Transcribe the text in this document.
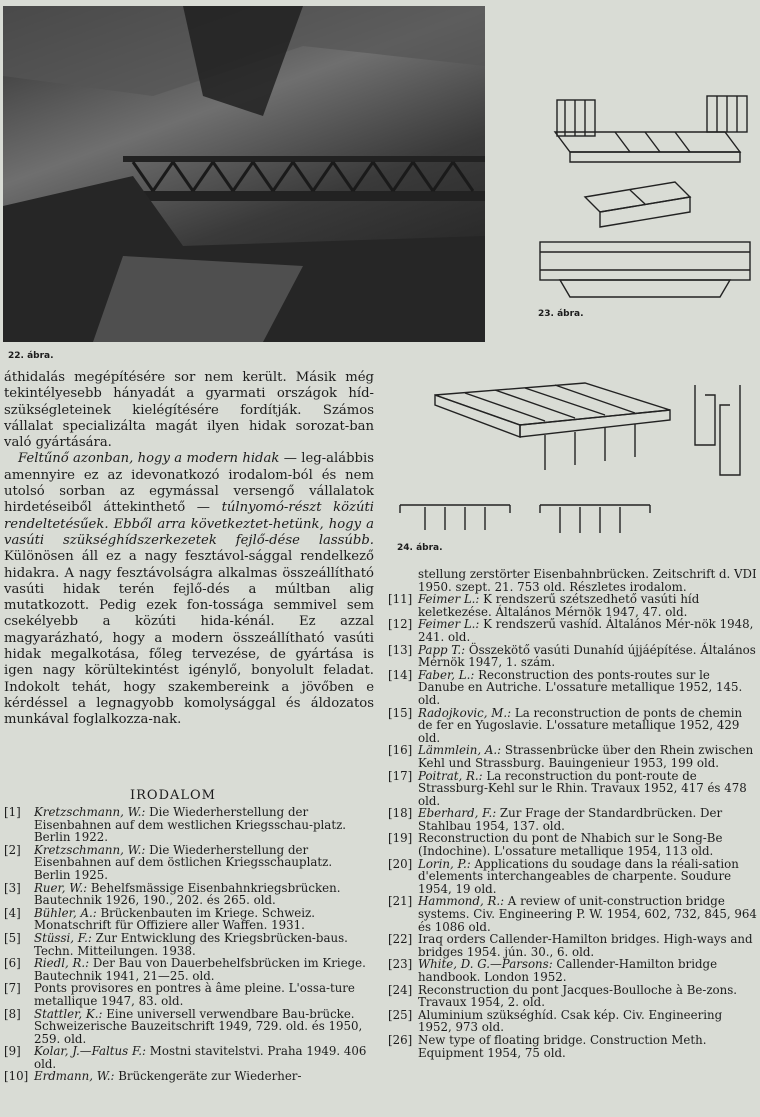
22. ábra.
23. ábra.
24. ábra.

áthidalás megépítésére sor nem került. Másik még tekintélyesebb hányadát a gyarmati országok híd-szükségleteinek kielégítésére fordítják. Számos vállalat specializálta magát ilyen hidak sorozat-ban való gyártására.

Feltűnő azonban, hogy a modern hidak — leg-alábbis amennyire ez az idevonatkozó irodalom-ból és nem utolsó sorban az egymással versengő vállalatok hirdetéseiből áttekinthető — túlnyomó-részt közúti rendeltetésűek. Ebből arra következtet-hetünk, hogy a vasúti szükséghídszerkezetek fejlő-dése lassúbb. Különösen áll ez a nagy fesztávol-sággal rendelkező hidakra. A nagy fesztávolságra alkalmas összeállítható vasúti hidak terén fejlő-dés a múltban alig mutatkozott. Pedig ezek fon-tossága semmivel sem csekélyebb a közúti hida-kénál. Ez azzal magyarázható, hogy a modern összeállítható vasúti hidak megalkotása, főleg tervezése, de gyártása is igen nagy körültekintést igénylő, bonyolult feladat. Indokolt tehát, hogy szakembereink a jövőben e kérdéssel a legnagyobb komolysággal és áldozatos munkával foglalkozza-nak.

IRODALOM

[1] Kretzschmann, W.: Die Wiederherstellung der Eisenbahnen auf dem westlichen Kriegsschau-platz. Berlin 1922.

[2] Kretzschmann, W.: Die Wiederherstellung der Eisenbahnen auf dem östlichen Kriegsschauplatz. Berlin 1925.

[3] Ruer, W.: Behelfsmässige Eisenbahnkriegsbrücken. Bautechnik 1926, 190., 202. és 265. old.

[4] Bühler, A.: Brückenbauten im Kriege. Schweiz. Monatschrift für Offiziere aller Waffen. 1931.

[5] Stüssi, F.: Zur Entwicklung des Kriegsbrücken-baus. Techn. Mitteilungen. 1938.

[6] Riedl, R.: Der Bau von Dauerbehelfsbrücken im Kriege. Bautechnik 1941, 21—25. old.

[7] Ponts provisores en pontres à âme pleine. L'ossa-ture metallique 1947, 83. old.

[8] Stattler, K.: Eine universell verwendbare Bau-brücke. Schweizerische Bauzeitschrift 1949, 729. old. és 1950, 259. old.

[9] Kolar, J.—Faltus F.: Mostni stavitelstvi. Praha 1949. 406 old.

[10] Erdmann, W.: Brückengeräte zur Wiederher-

stellung zerstörter Eisenbahnbrücken. Zeitschrift d. VDI 1950. szept. 21. 753 old. Részletes irodalom.

[11] Feimer L.: K rendszerű szétszedhető vasúti híd keletkezése. Általános Mérnök 1947, 47. old.

[12] Feimer L.: K rendszerű vashíd. Általános Mér-nök 1948, 241. old.

[13] Papp T.: Összekötő vasúti Dunahíd újjáépítése. Általános Mérnök 1947, 1. szám.

[14] Faber, L.: Reconstruction des ponts-routes sur le Danube en Autriche. L'ossature metallique 1952, 145. old.

[15] Radojkovic, M.: La reconstruction de ponts de chemin de fer en Yugoslavie. L'ossature metallique 1952, 429 old.

[16] Lämmlein, A.: Strassenbrücke über den Rhein zwischen Kehl und Strassburg. Bauingenieur 1953, 199 old.

[17] Poitrat, R.: La reconstruction du pont-route de Strassburg-Kehl sur le Rhin. Travaux 1952, 417 és 478 old.

[18] Eberhard, F.: Zur Frage der Standardbrücken. Der Stahlbau 1954, 137. old.

[19] Reconstruction du pont de Nhabich sur le Song-Be (Indochine). L'ossature metallique 1954, 113 old.

[20] Lorin, P.: Applications du soudage dans la réali-sation d'elements interchangeables de charpente. Soudure 1954, 19 old.

[21] Hammond, R.: A review of unit-construction bridge systems. Civ. Engineering P. W. 1954, 602, 732, 845, 964 és 1086 old.

[22] Iraq orders Callender-Hamilton bridges. High-ways and bridges 1954. jún. 30., 6. old.

[23] White, D. G.—Parsons: Callender-Hamilton bridge handbook. London 1952.

[24] Reconstruction du pont Jacques-Boulloche à Be-zons. Travaux 1954, 2. old.

[25] Aluminium szükséghíd. Csak kép. Civ. Engineering 1952, 973 old.

[26] New type of floating bridge. Construction Meth. Equipment 1954, 75 old.
